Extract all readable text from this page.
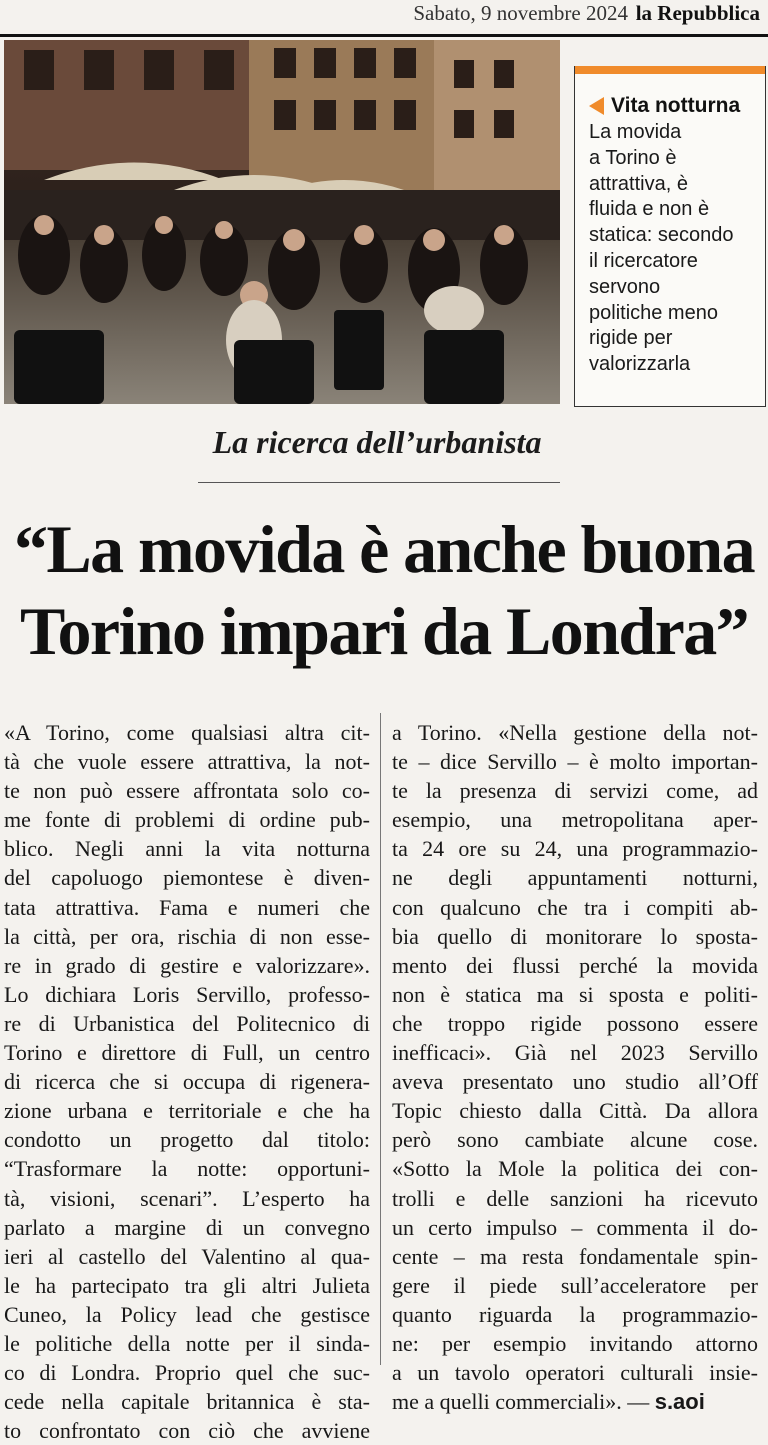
Sabato, 9 novembre 2024 la Repubblica
Vita notturna
La movida
a Torino è
attrattiva, è
fluida e non è
statica: secondo
il ricercatore
servono
politiche meno
rigide per
valorizzarla
La ricerca dell’urbanista
“La movida è anche buona
Torino impari da Londra”
«A Torino, come qualsiasi altra cit-
tà che vuole essere attrattiva, la not-
te non può essere affrontata solo co-
me fonte di problemi di ordine pub-
blico. Negli anni la vita notturna
del capoluogo piemontese è diven-
tata attrattiva. Fama e numeri che
la città, per ora, rischia di non esse-
re in grado di gestire e valorizzare».
Lo dichiara Loris Servillo, professo-
re di Urbanistica del Politecnico di
Torino e direttore di Full, un centro
di ricerca che si occupa di rigenera-
zione urbana e territoriale e che ha
condotto un progetto dal titolo:
“Trasformare la notte: opportuni-
tà, visioni, scenari”. L’esperto ha
parlato a margine di un convegno
ieri al castello del Valentino al qua-
le ha partecipato tra gli altri Julieta
Cuneo, la Policy lead che gestisce
le politiche della notte per il sinda-
co di Londra. Proprio quel che suc-
cede nella capitale britannica è sta-
to confrontato con ciò che avviene
a Torino. «Nella gestione della not-
te – dice Servillo – è molto importan-
te la presenza di servizi come, ad
esempio, una metropolitana aper-
ta 24 ore su 24, una programmazio-
ne degli appuntamenti notturni,
con qualcuno che tra i compiti ab-
bia quello di monitorare lo sposta-
mento dei flussi perché la movida
non è statica ma si sposta e politi-
che troppo rigide possono essere
inefficaci». Già nel 2023 Servillo
aveva presentato uno studio all’Off
Topic chiesto dalla Città. Da allora
però sono cambiate alcune cose.
«Sotto la Mole la politica dei con-
trolli e delle sanzioni ha ricevuto
un certo impulso – commenta il do-
cente – ma resta fondamentale spin-
gere il piede sull’acceleratore per
quanto riguarda la programmazio-
ne: per esempio invitando attorno
a un tavolo operatori culturali insie-
me a quelli commerciali». — s.aoi
